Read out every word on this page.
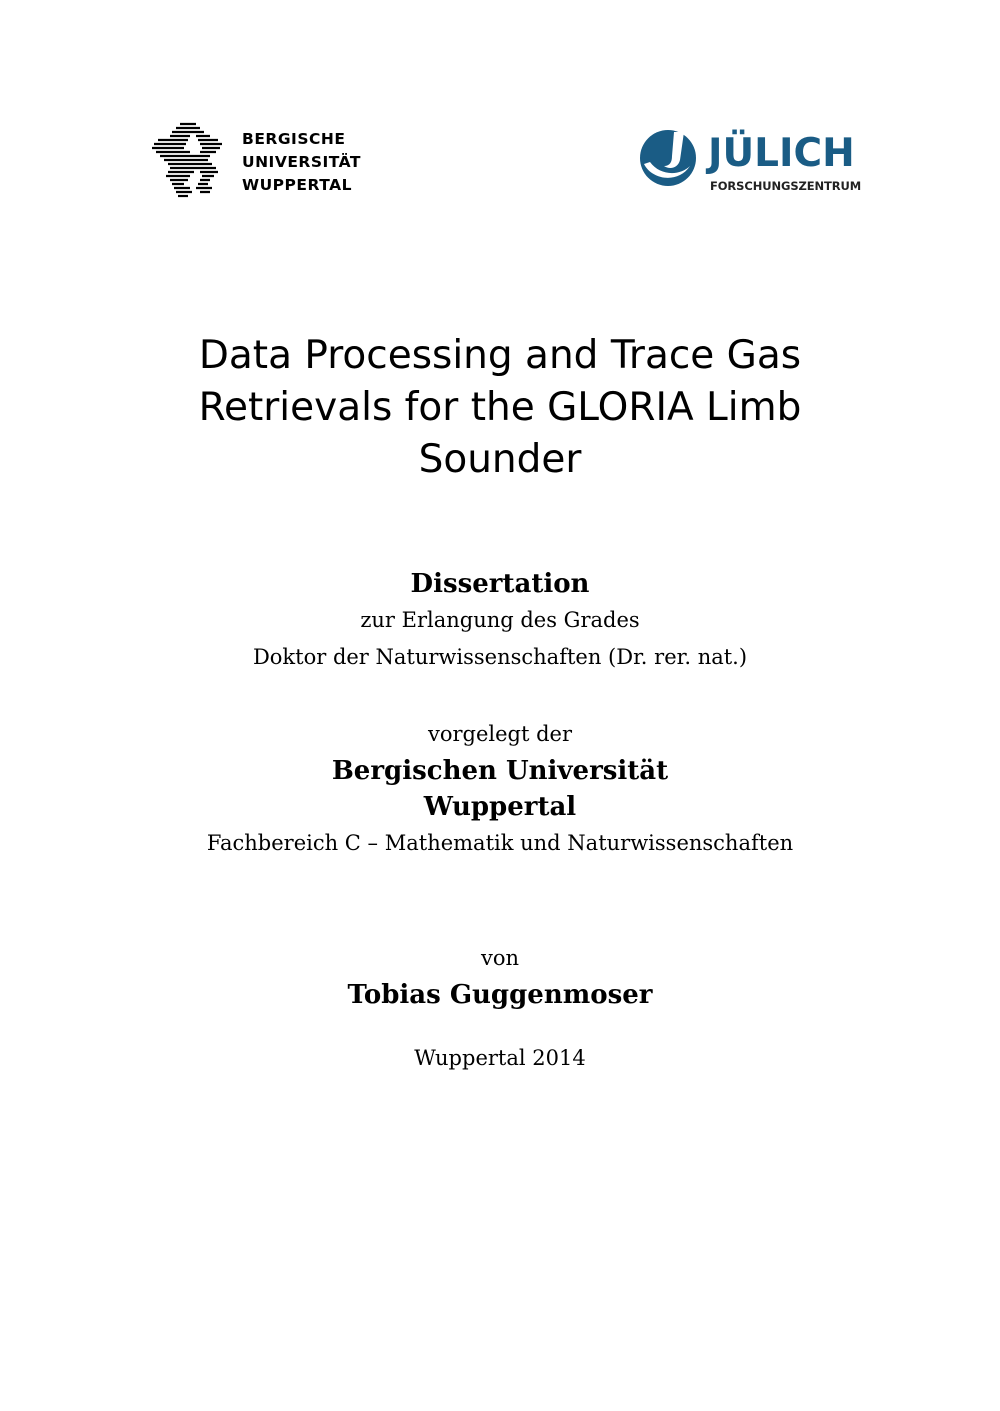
BERGISCHE
UNIVERSITÄT
WUPPERTAL
JÜLICH
FORSCHUNGSZENTRUM
Data Processing and Trace Gas
Retrievals for the GLORIA Limb
Sounder
Dissertation
zur Erlangung des Grades
Doktor der Naturwissenschaften (Dr. rer. nat.)
vorgelegt der
Bergischen Universität
Wuppertal
Fachbereich C – Mathematik und Naturwissenschaften
von
Tobias Guggenmoser
Wuppertal 2014
